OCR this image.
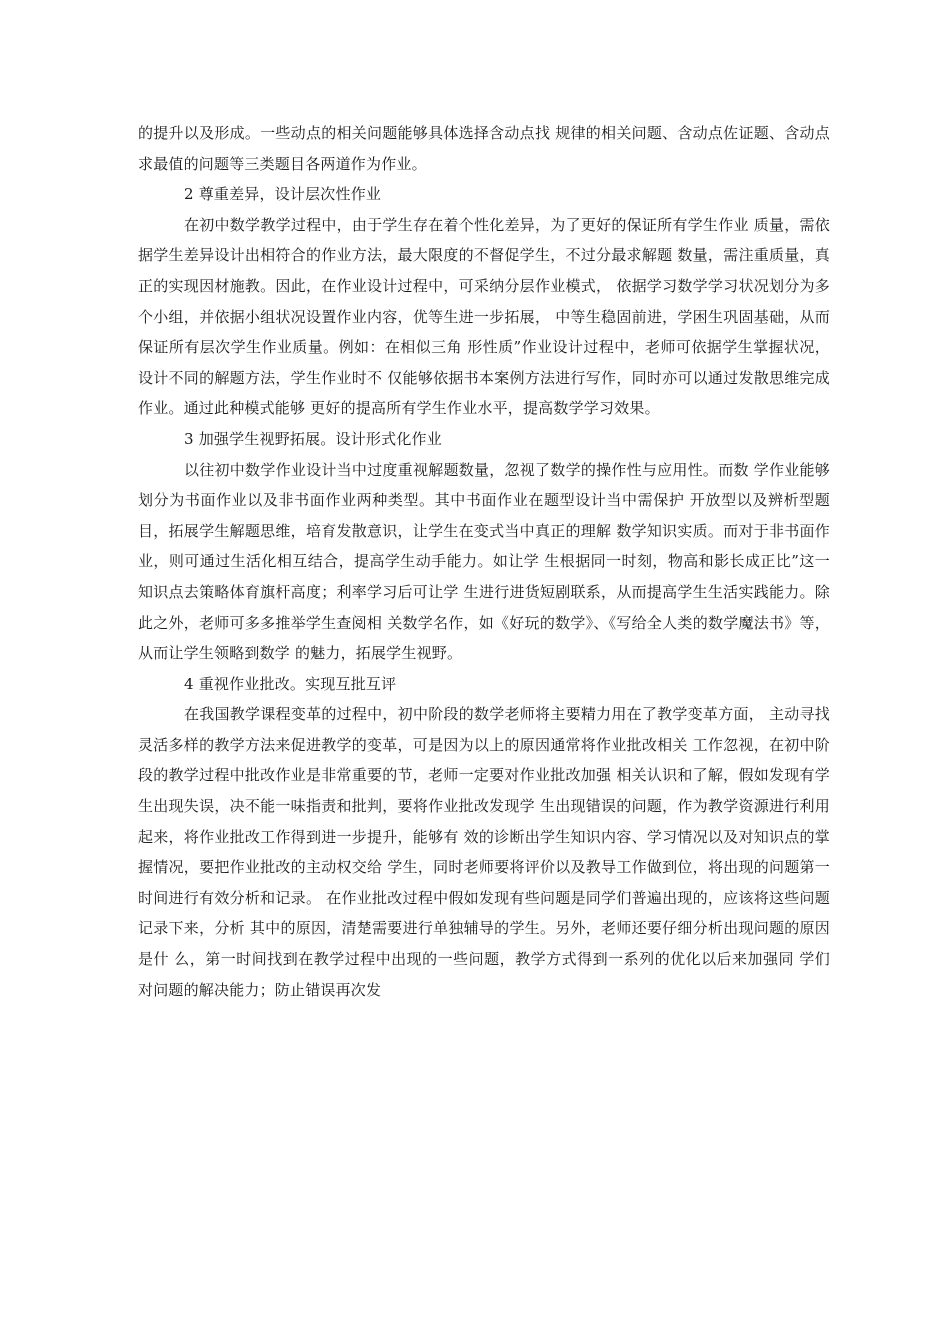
的提升以及形成。一些动点的相关问题能够具体选择含动点找 规律的相关问题、含动点佐证题、含动点求最值的问题等三类题目各两道作为作业。

2 尊重差异，设计层次性作业

在初中数学教学过程中，由于学生存在着个性化差异，为了更好的保证所有学生作业 质量，需依据学生差异设计出相符合的作业方法，最大限度的不督促学生，不过分最求解题 数量，需注重质量，真正的实现因材施教。因此，在作业设计过程中，可采纳分层作业模式， 依据学习数学学习状况划分为多个小组，并依据小组状况设置作业内容，优等生进一步拓展， 中等生稳固前进，学困生巩固基础，从而保证所有层次学生作业质量。例如：在相似三角 形性质”作业设计过程中，老师可依据学生掌握状况，设计不同的解题方法，学生作业时不 仅能够依据书本案例方法进行写作，同时亦可以通过发散思维完成作业。通过此种模式能够 更好的提高所有学生作业水平，提高数学学习效果。

3 加强学生视野拓展。设计形式化作业

以往初中数学作业设计当中过度重视解题数量，忽视了数学的操作性与应用性。而数 学作业能够划分为书面作业以及非书面作业两种类型。其中书面作业在题型设计当中需保护 开放型以及辨析型题目，拓展学生解题思维，培育发散意识，让学生在变式当中真正的理解 数学知识实质。而对于非书面作业，则可通过生活化相互结合，提高学生动手能力。如让学 生根据同一时刻，物高和影长成正比”这一知识点去策略体育旗杆高度；利率学习后可让学 生进行进货短剧联系，从而提高学生生活实践能力。除此之外，老师可多多推举学生查阅相 关数学名作，如《好玩的数学》、《写给全人类的数学魔法书》等，从而让学生领略到数学 的魅力，拓展学生视野。

4 重视作业批改。实现互批互评

在我国教学课程变革的过程中，初中阶段的数学老师将主要精力用在了教学变革方面， 主动寻找灵活多样的教学方法来促进教学的变革，可是因为以上的原因通常将作业批改相关 工作忽视，在初中阶段的教学过程中批改作业是非常重要的节，老师一定要对作业批改加强 相关认识和了解，假如发现有学生出现失误，决不能一味指责和批判，要将作业批改发现学 生出现错误的问题，作为教学资源进行利用起来，将作业批改工作得到进一步提升，能够有 效的诊断出学生知识内容、学习情况以及对知识点的掌握情况，要把作业批改的主动权交给 学生，同时老师要将评价以及教导工作做到位，将出现的问题第一时间进行有效分析和记录。 在作业批改过程中假如发现有些问题是同学们普遍出现的，应该将这些问题记录下来，分析 其中的原因，清楚需要进行单独辅导的学生。另外，老师还要仔细分析出现问题的原因是什 么，第一时间找到在教学过程中出现的一些问题，教学方式得到一系列的优化以后来加强同 学们对问题的解决能力；防止错误再次发
